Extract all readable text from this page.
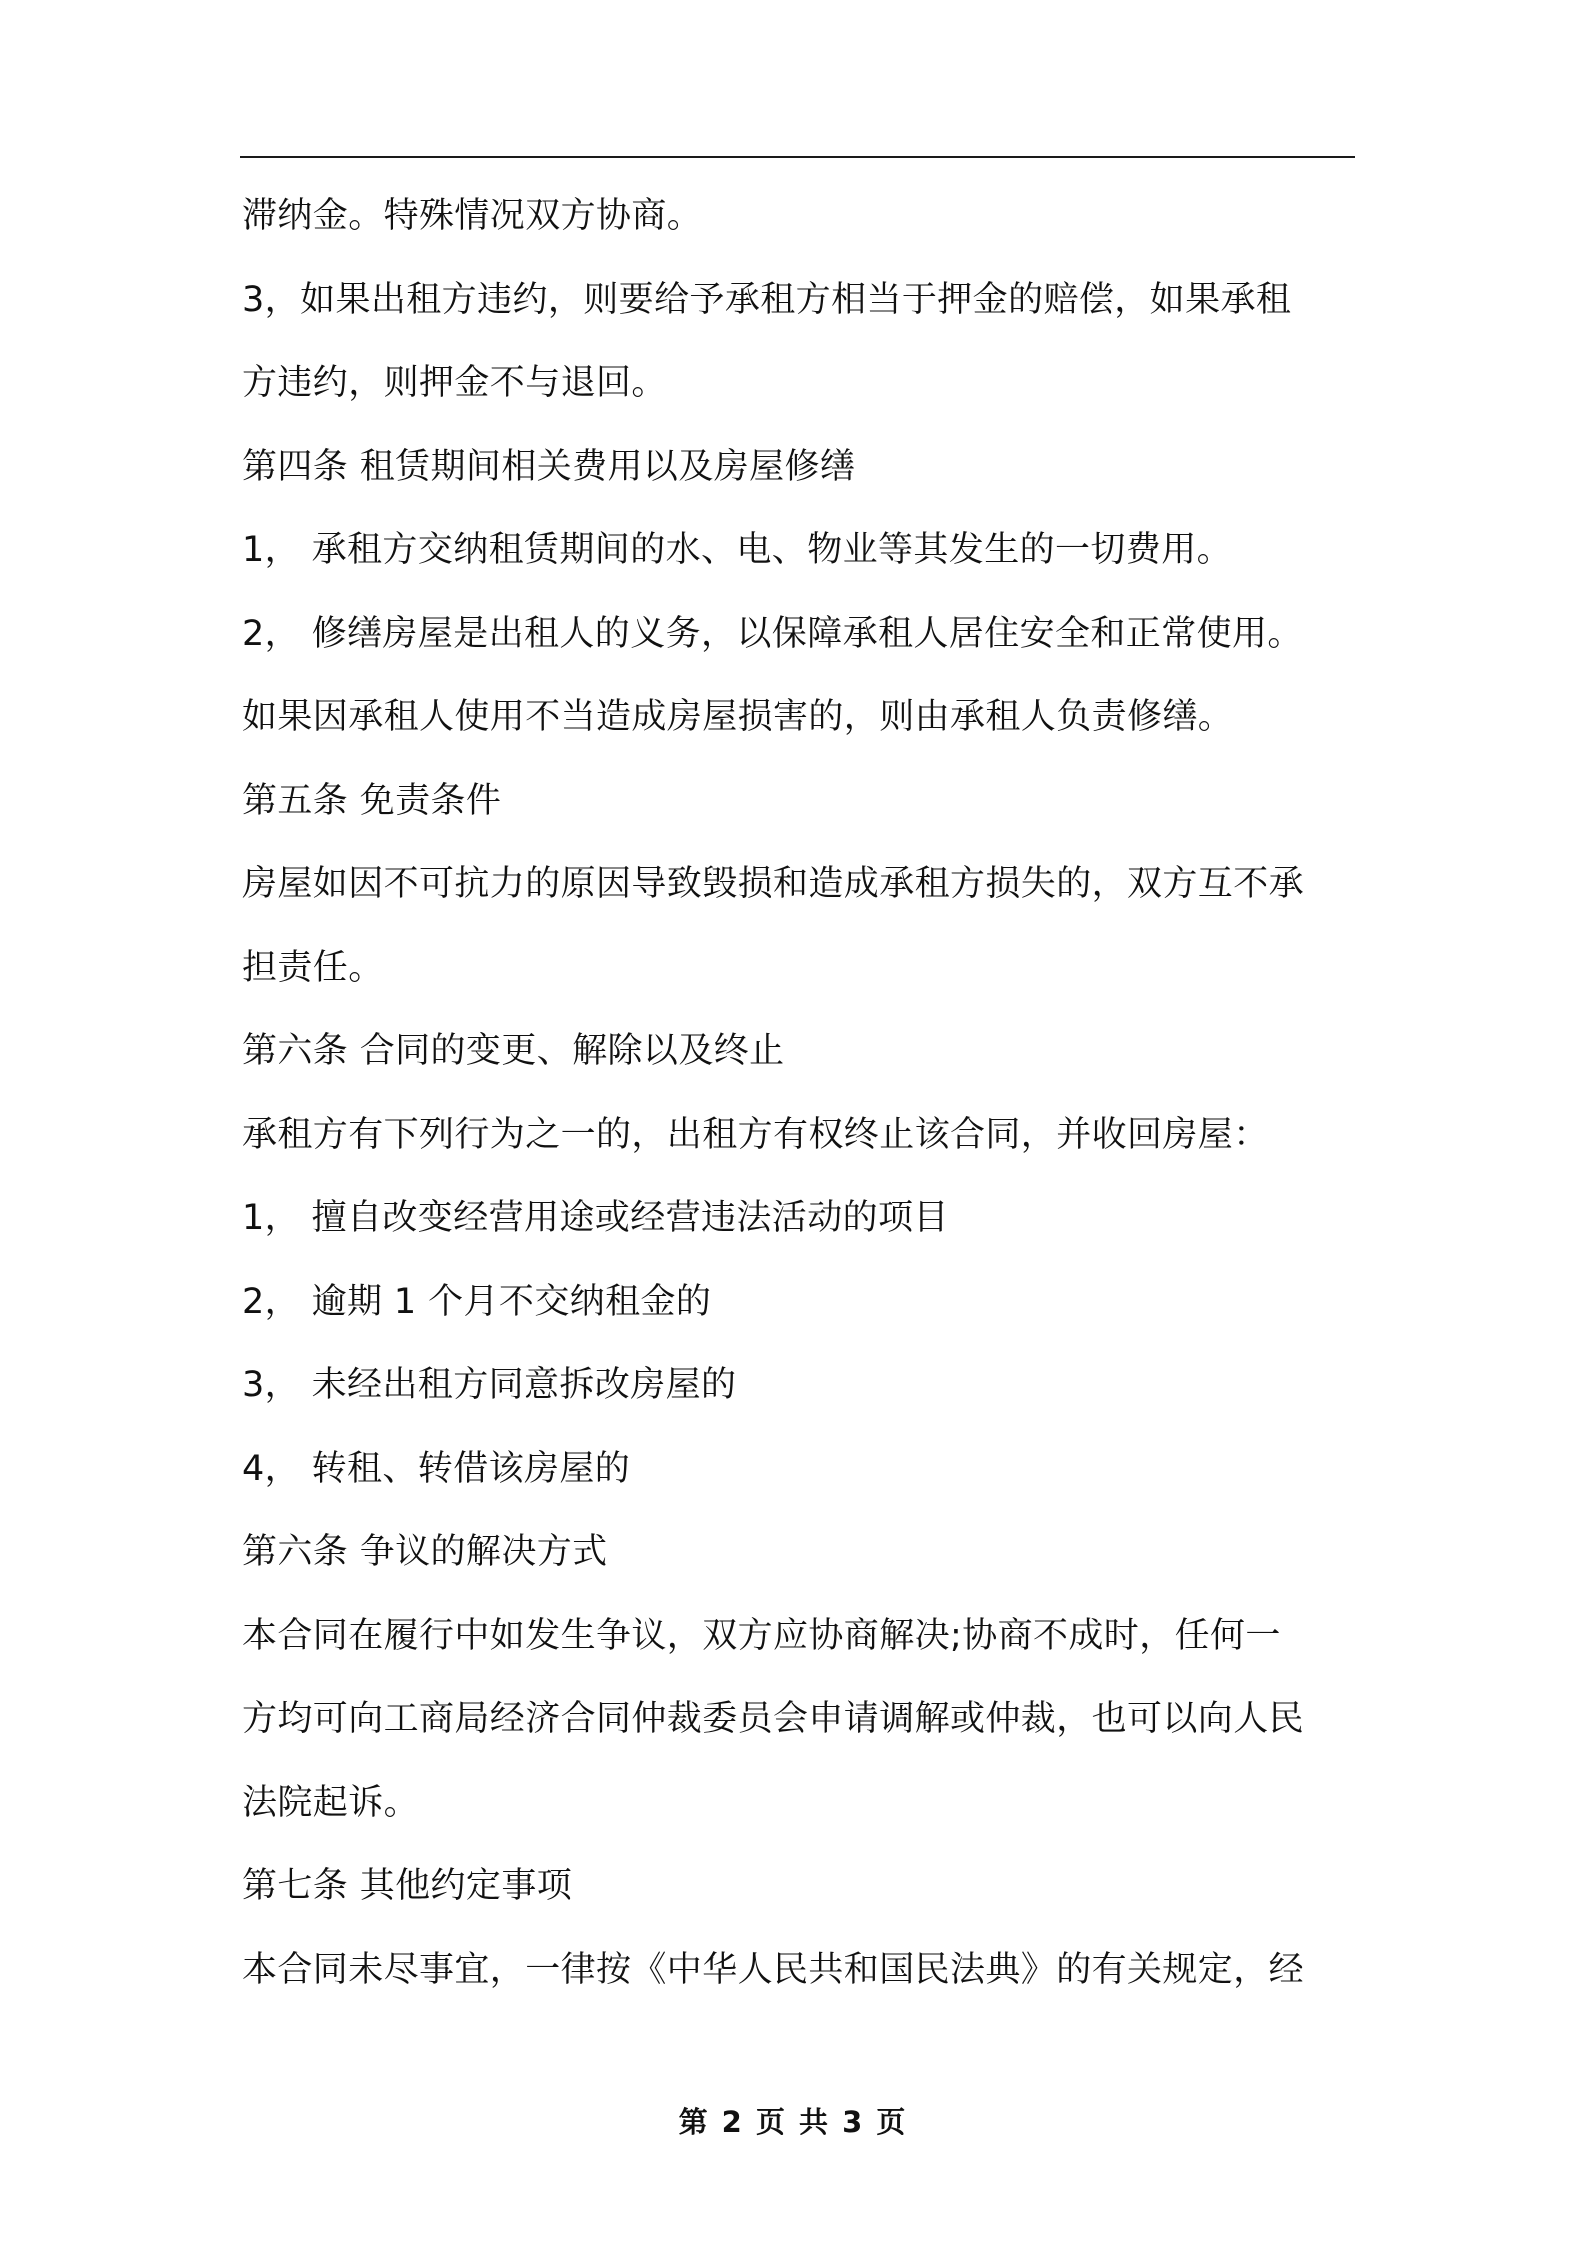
滞纳金。特殊情况双方协商。
3，如果出租方违约，则要给予承租方相当于押金的赔偿，如果承租
方违约，则押金不与退回。
第四条 租赁期间相关费用以及房屋修缮
1， 承租方交纳租赁期间的水、电、物业等其发生的一切费用。
2， 修缮房屋是出租人的义务，以保障承租人居住安全和正常使用。
如果因承租人使用不当造成房屋损害的，则由承租人负责修缮。
第五条 免责条件
房屋如因不可抗力的原因导致毁损和造成承租方损失的，双方互不承
担责任。
第六条 合同的变更、解除以及终止
承租方有下列行为之一的，出租方有权终止该合同，并收回房屋：
1， 擅自改变经营用途或经营违法活动的项目
2， 逾期 1 个月不交纳租金的
3， 未经出租方同意拆改房屋的
4， 转租、转借该房屋的
第六条 争议的解决方式
本合同在履行中如发生争议，双方应协商解决;协商不成时，任何一
方均可向工商局经济合同仲裁委员会申请调解或仲裁，也可以向人民
法院起诉。
第七条 其他约定事项
本合同未尽事宜，一律按《中华人民共和国民法典》的有关规定，经
第 2 页 共 3 页
